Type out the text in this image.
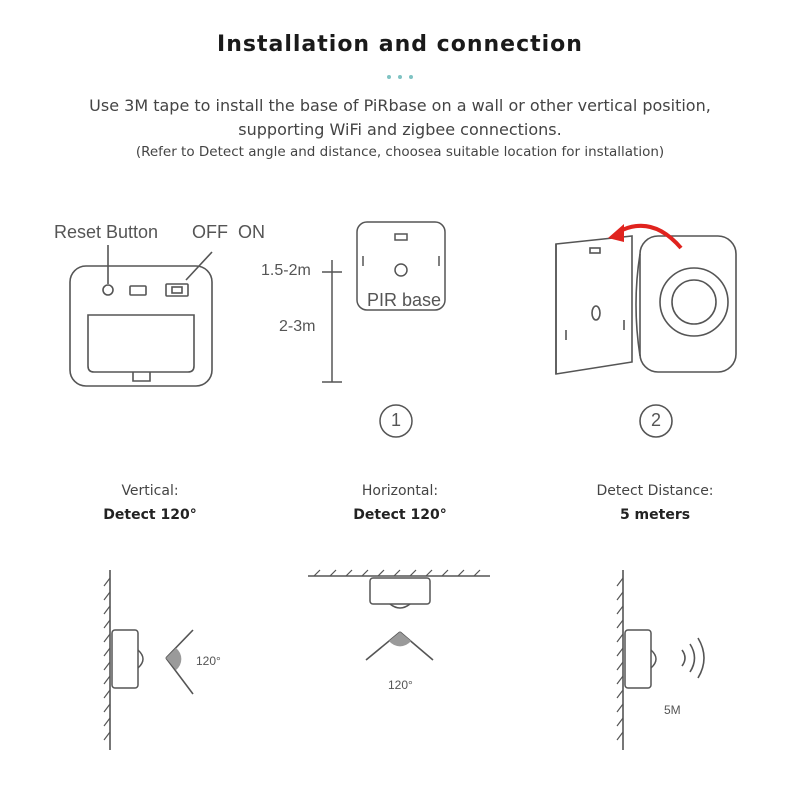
Installation and connection
Use 3M tape to install the base of PiRbase on a wall or other vertical position,
supporting WiFi and zigbee connections.
(Refer to Detect angle and distance, choosea suitable location for installation)
Reset Button OFF ON
1.5-2m
2-3m
PIR base
1	2
Vertical:
Detect 120°
Horizontal:
Detect 120°
Detect Distance:
5 meters
120°
120°
5M
